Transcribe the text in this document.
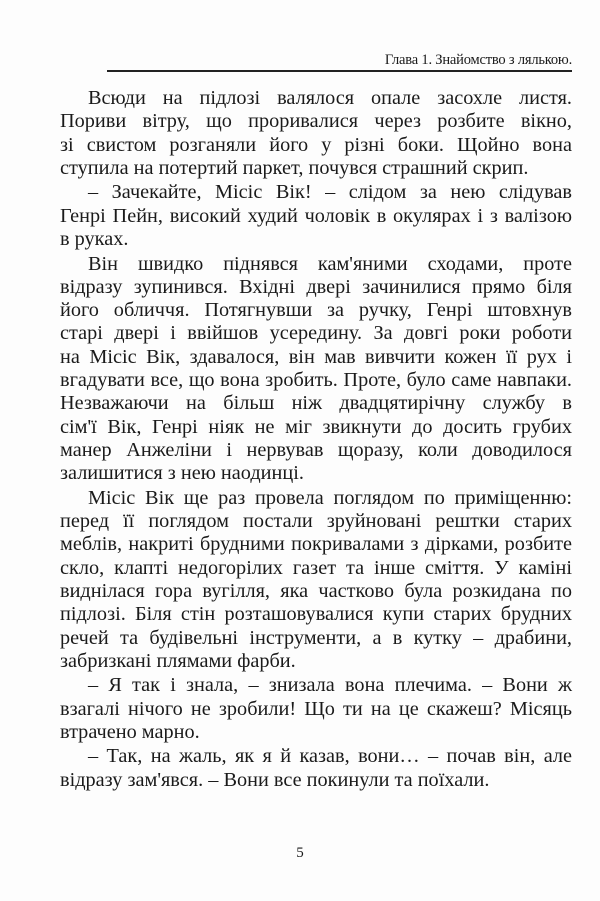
Глава 1. Знайомство з лялькою.
Всюди на підлозі валялося опале засохле листя.
Пориви вітру, що проривалися через розбите вікно,
зі свистом розганяли його у різні боки. Щойно вона
ступила на потертий паркет, почувся страшний скрип.
– Зачекайте, Місіс Вік! – слідом за нею слідував
Генрі Пейн, високий худий чоловік в окулярах і з валізою
в руках.
Він швидко піднявся кам'яними сходами, проте
відразу зупинився. Вхідні двері зачинилися прямо біля
його обличчя. Потягнувши за ручку, Генрі штовхнув
старі двері і ввійшов усередину. За довгі роки роботи
на Місіс Вік, здавалося, він мав вивчити кожен її рух і
вгадувати все, що вона зробить. Проте, було саме навпаки.
Незважаючи на більш ніж двадцятирічну службу в
сім'ї Вік, Генрі ніяк не міг звикнути до досить грубих
манер Анжеліни і нервував щоразу, коли доводилося
залишитися з нею наодинці.
Місіс Вік ще раз провела поглядом по приміщенню:
перед її поглядом постали зруйновані рештки старих
меблів, накриті брудними покривалами з дірками, розбите
скло, клапті недогорілих газет та інше сміття. У каміні
виднілася гора вугілля, яка частково була розкидана по
підлозі. Біля стін розташовувалися купи старих брудних
речей та будівельні інструменти, а в кутку – драбини,
забризкані плямами фарби.
– Я так і знала, – знизала вона плечима. – Вони ж
взагалі нічого не зробили! Що ти на це скажеш? Місяць
втрачено марно.
– Так, на жаль, як я й казав, вони… – почав він, але
відразу зам'явся. – Вони все покинули та поїхали.
5
